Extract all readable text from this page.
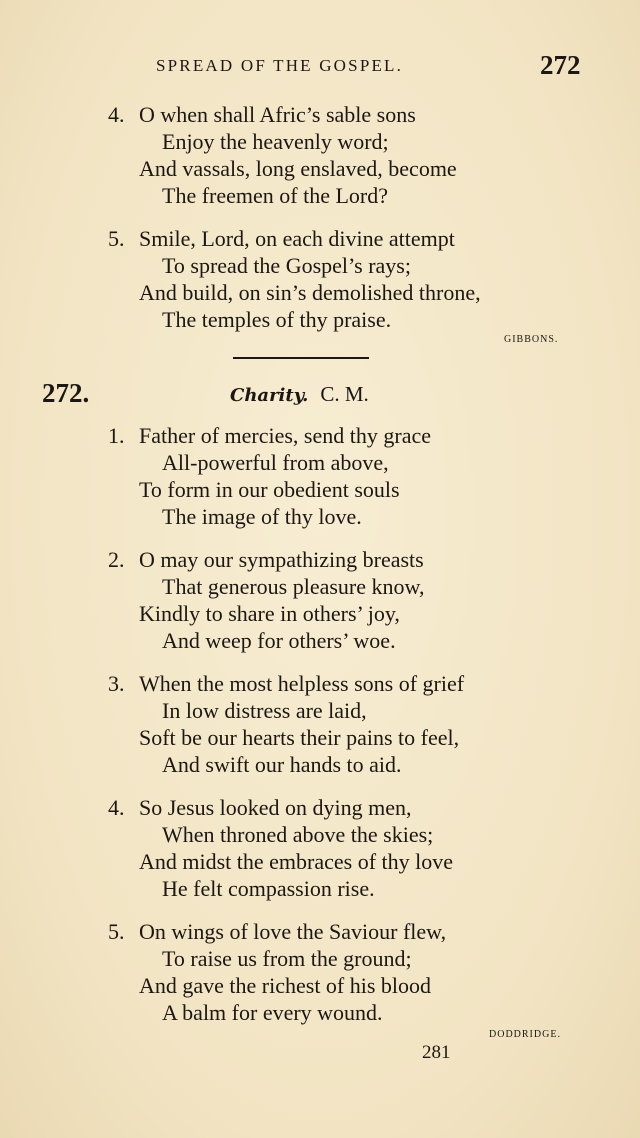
SPREAD OF THE GOSPEL.	272
4. O when shall Afric’s sable sons
Enjoy the heavenly word;
And vassals, long enslaved, become
The freemen of the Lord?
5. Smile, Lord, on each divine attempt
To spread the Gospel’s rays;
And build, on sin’s demolished throne,
The temples of thy praise.
GIBBONS.
272.	Charity. C. M.
1. Father of mercies, send thy grace
All-powerful from above,
To form in our obedient souls
The image of thy love.
2. O may our sympathizing breasts
That generous pleasure know,
Kindly to share in others’ joy,
And weep for others’ woe.
3. When the most helpless sons of grief
In low distress are laid,
Soft be our hearts their pains to feel,
And swift our hands to aid.
4. So Jesus looked on dying men,
When throned above the skies;
And midst the embraces of thy love
He felt compassion rise.
5. On wings of love the Saviour flew,
To raise us from the ground;
And gave the richest of his blood
A balm for every wound.
DODDRIDGE.
281
